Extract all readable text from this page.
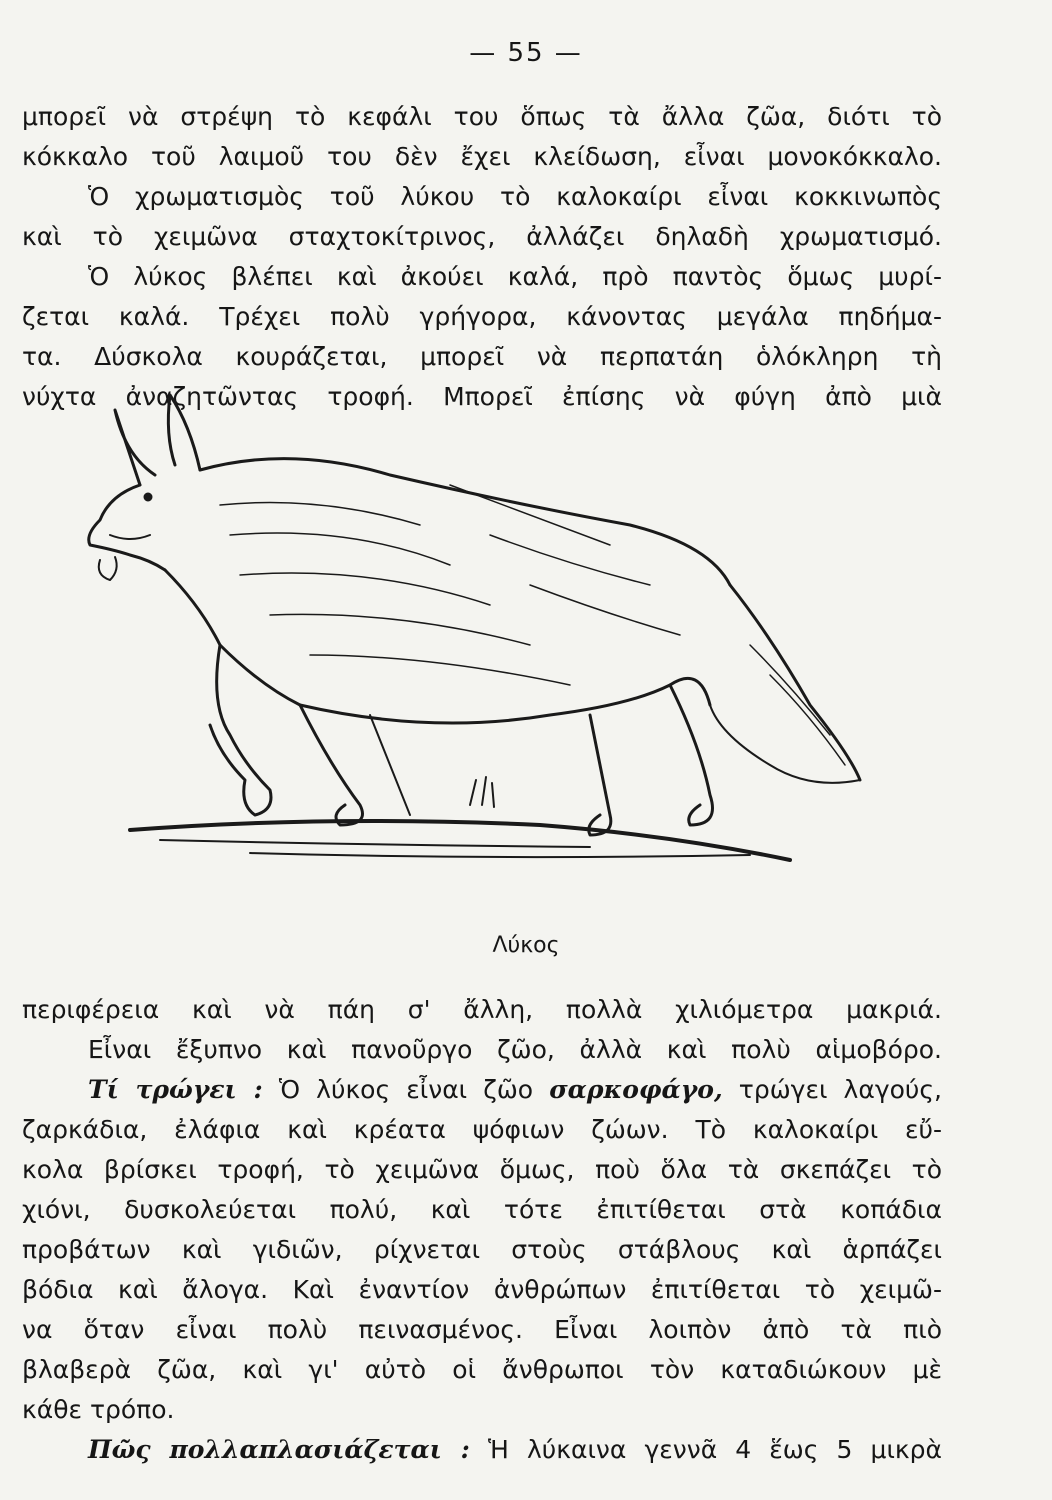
— 55 —
μπορεῖ νὰ στρέψη τὸ κεφάλι του ὅπως τὰ ἄλλα ζῶα, διότι τὸ
κόκκαλο τοῦ λαιμοῦ του δὲν ἔχει κλείδωση, εἶναι μονοκόκκαλο.
Ὁ χρωματισμὸς τοῦ λύκου τὸ καλοκαίρι εἶναι κοκκινωπὸς
καὶ τὸ χειμῶνα σταχτοκίτρινος, ἀλλάζει δηλαδὴ χρωματισμό.
Ὁ λύκος βλέπει καὶ ἀκούει καλά, πρὸ παντὸς ὅμως μυρί-
ζεται καλά. Τρέχει πολὺ γρήγορα, κάνοντας μεγάλα πηδήμα-
τα. Δύσκολα κουράζεται, μπορεῖ νὰ περπατάη ὁλόκληρη τὴ
νύχτα ἀναζητῶντας τροφή. Μπορεῖ ἐπίσης νὰ φύγη ἀπὸ μιὰ
Λύκος
περιφέρεια καὶ νὰ πάη σ' ἄλλη, πολλὰ χιλιόμετρα μακριά.
Εἶναι ἔξυπνο καὶ πανοῦργο ζῶο, ἀλλὰ καὶ πολὺ αἱμοβόρο.
Τί τρώγει : Ὁ λύκος εἶναι ζῶο σαρκοφάγο, τρώγει λαγούς,
ζαρκάδια, ἐλάφια καὶ κρέατα ψόφιων ζώων. Τὸ καλοκαίρι εὔ-
κολα βρίσκει τροφή, τὸ χειμῶνα ὅμως, ποὺ ὅλα τὰ σκεπάζει τὸ
χιόνι, δυσκολεύεται πολύ, καὶ τότε ἐπιτίθεται στὰ κοπάδια
προβάτων καὶ γιδιῶν, ρίχνεται στοὺς στάβλους καὶ ἁρπάζει
βόδια καὶ ἄλογα. Καὶ ἐναντίον ἀνθρώπων ἐπιτίθεται τὸ χειμῶ-
να ὅταν εἶναι πολὺ πεινασμένος. Εἶναι λοιπὸν ἀπὸ τὰ πιὸ
βλαβερὰ ζῶα, καὶ γι' αὐτὸ οἱ ἄνθρωποι τὸν καταδιώκουν μὲ
κάθε τρόπο.
Πῶς πολλαπλασιάζεται : Ἡ λύκαινα γεννᾶ 4 ἕως 5 μικρὰ
